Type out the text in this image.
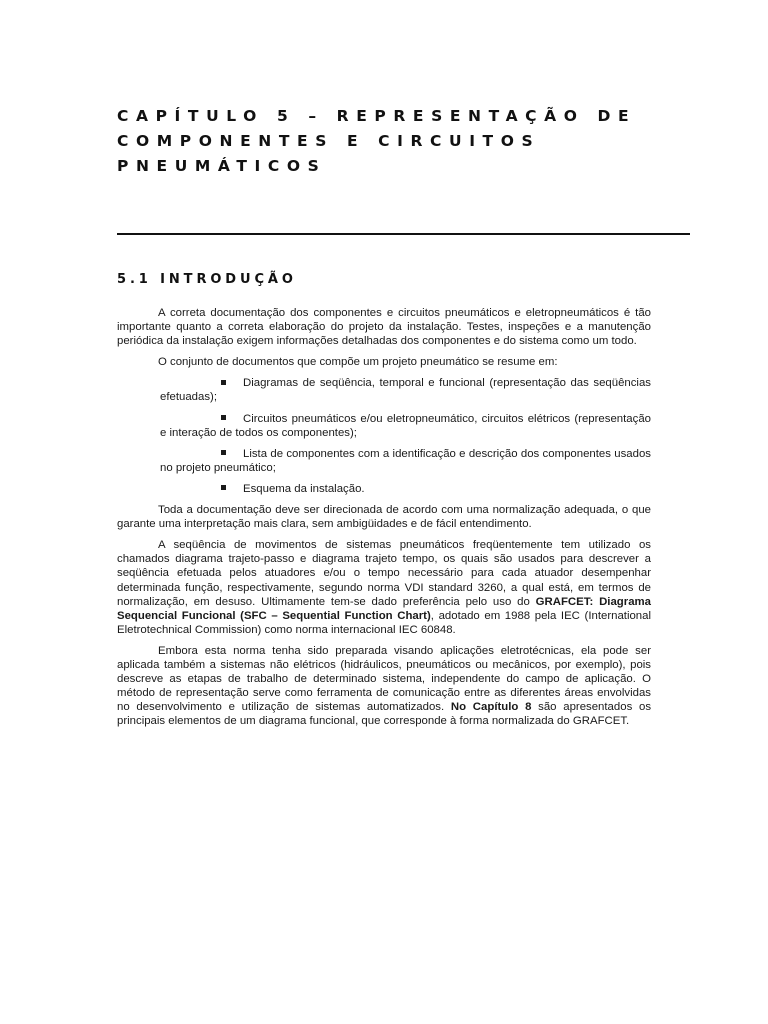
CAPÍTULO 5 – REPRESENTAÇÃO DE
COMPONENTES E CIRCUITOS
PNEUMÁTICOS
5.1 INTRODUÇÃO

A correta documentação dos componentes e circuitos pneumáticos e eletropneumáticos é tão importante quanto a correta elaboração do projeto da instalação. Testes, inspeções e a manutenção periódica da instalação exigem informações detalhadas dos componentes e do sistema como um todo.

O conjunto de documentos que compõe um projeto pneumático se resume em:

Diagramas de seqüência, temporal e funcional (representação das seqüências efetuadas);
Circuitos pneumáticos e/ou eletropneumático, circuitos elétricos (representação e interação de todos os componentes);
Lista de componentes com a identificação e descrição dos componentes usados no projeto pneumático;
Esquema da instalação.

Toda a documentação deve ser direcionada de acordo com uma normalização adequada, o que garante uma interpretação mais clara, sem ambigüidades e de fácil entendimento.

A seqüência de movimentos de sistemas pneumáticos freqüentemente tem utilizado os chamados diagrama trajeto-passo e diagrama trajeto tempo, os quais são usados para descrever a seqüência efetuada pelos atuadores e/ou o tempo necessário para cada atuador desempenhar determinada função, respectivamente, segundo norma VDI standard 3260, a qual está, em termos de normalização, em desuso. Ultimamente tem-se dado preferência pelo uso do GRAFCET: Diagrama Sequencial Funcional (SFC – Sequential Function Chart), adotado em 1988 pela IEC (International Eletrotechnical Commission) como norma internacional IEC 60848.

Embora esta norma tenha sido preparada visando aplicações eletrotécnicas, ela pode ser aplicada também a sistemas não elétricos (hidráulicos, pneumáticos ou mecânicos, por exemplo), pois descreve as etapas de trabalho de determinado sistema, independente do campo de aplicação. O método de representação serve como ferramenta de comunicação entre as diferentes áreas envolvidas no desenvolvimento e utilização de sistemas automatizados. No Capítulo 8 são apresentados os principais elementos de um diagrama funcional, que corresponde à forma normalizada do GRAFCET.
